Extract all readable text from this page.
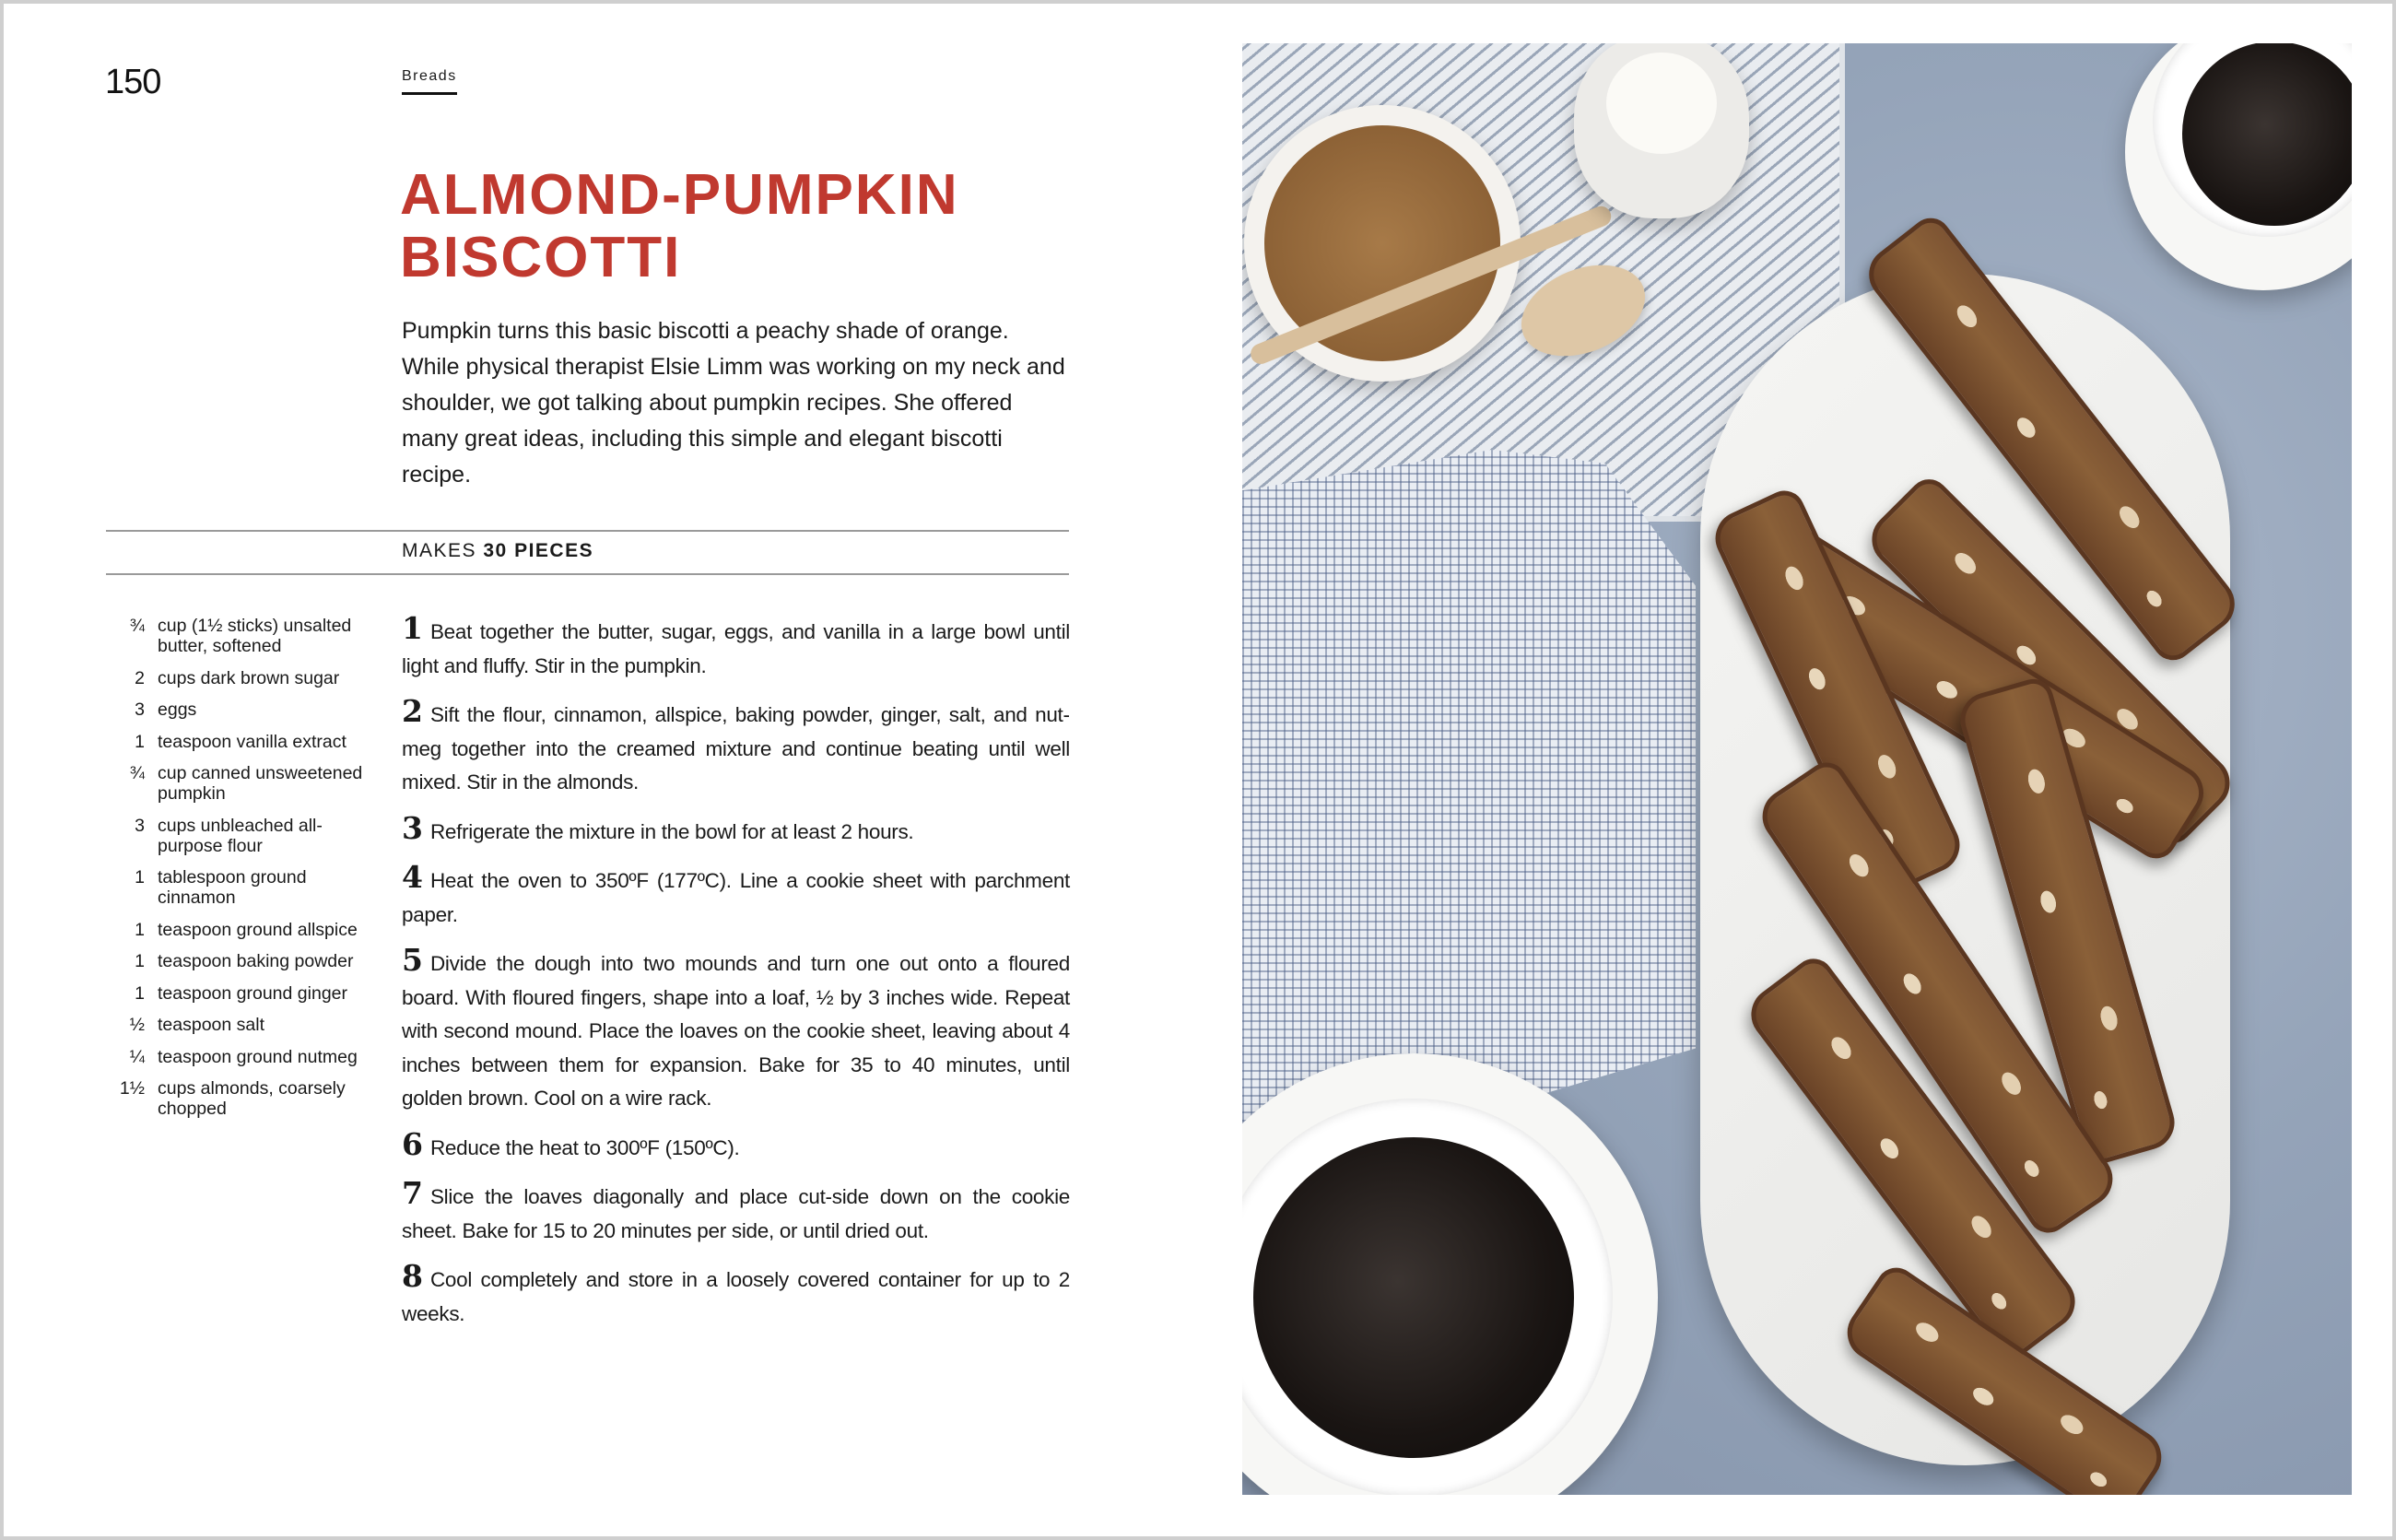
150	Breads
ALMOND-PUMPKIN
BISCOTTI

Pumpkin turns this basic biscotti a peachy shade of orange. While physical therapist Elsie Limm was working on my neck and shoulder, we got talking about pumpkin recipes. She offered many great ideas, including this simple and elegant biscotti recipe.

MAKES 30 PIECES
¾ cup (1½ sticks) unsalted butter, softened
2 cups dark brown sugar
3 eggs
1 teaspoon vanilla extract
¾ cup canned unsweetened pumpkin
3 cups unbleached all-purpose flour
1 tablespoon ground cinnamon
1 teaspoon ground allspice
1 teaspoon baking powder
1 teaspoon ground ginger
½ teaspoon salt
¼ teaspoon ground nutmeg
1½ cups almonds, coarsely chopped
1 Beat together the butter, sugar, eggs, and vanilla in a large bowl until light and fluffy. Stir in the pumpkin.
2 Sift the flour, cinnamon, allspice, baking powder, ginger, salt, and nutmeg together into the creamed mixture and continue beating until well mixed. Stir in the almonds.
3 Refrigerate the mixture in the bowl for at least 2 hours.
4 Heat the oven to 350ºF (177ºC). Line a cookie sheet with parchment paper.
5 Divide the dough into two mounds and turn one out onto a floured board. With floured fingers, shape into a loaf, ½ by 3 inches wide. Repeat with second mound. Place the loaves on the cookie sheet, leaving about 4 inches between them for expansion. Bake for 35 to 40 minutes, until golden brown. Cool on a wire rack.
6 Reduce the heat to 300ºF (150ºC).
7 Slice the loaves diagonally and place cut-side down on the cookie sheet. Bake for 15 to 20 minutes per side, or until dried out.
8 Cool completely and store in a loosely covered container for up to 2 weeks.
